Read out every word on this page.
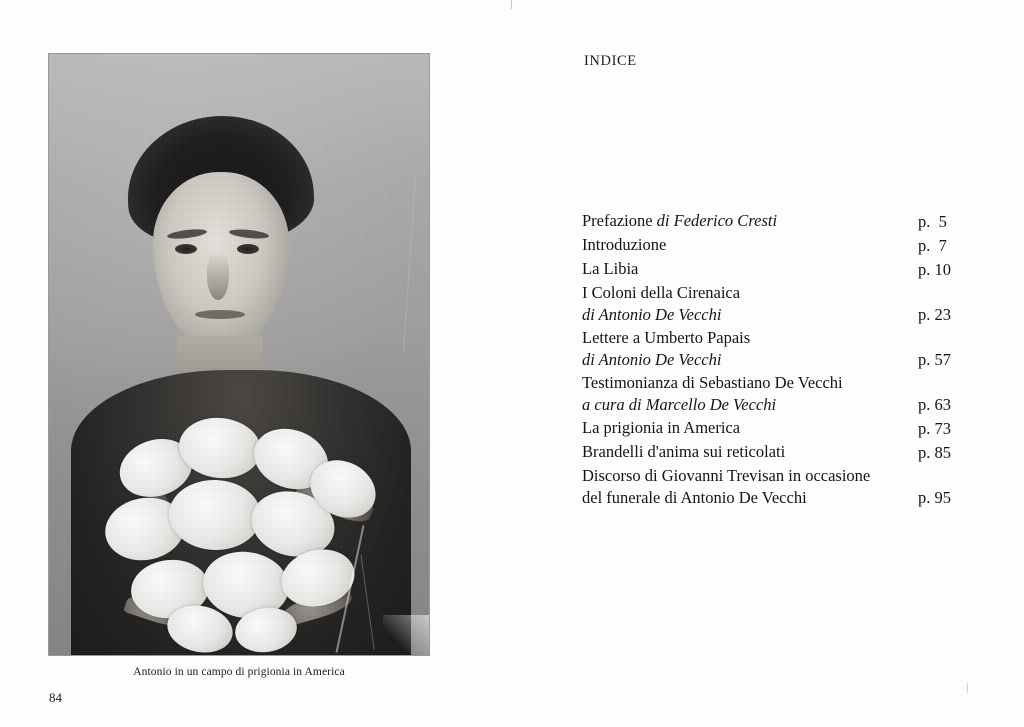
Antonio in un campo di prigionia in America
84
INDICE
Prefazione di Federico Cresti	p.  5
Introduzione	p.  7
La Libia	p. 10
I Coloni della Cirenaica
di Antonio De Vecchi	p. 23
Lettere a Umberto Papais
di Antonio De Vecchi	p. 57
Testimonianza di Sebastiano De Vecchi
a cura di Marcello De Vecchi	p. 63
La prigionia in America	p. 73
Brandelli d'anima sui reticolati	p. 85
Discorso di Giovanni Trevisan in occasione
del funerale di Antonio De Vecchi	p. 95
